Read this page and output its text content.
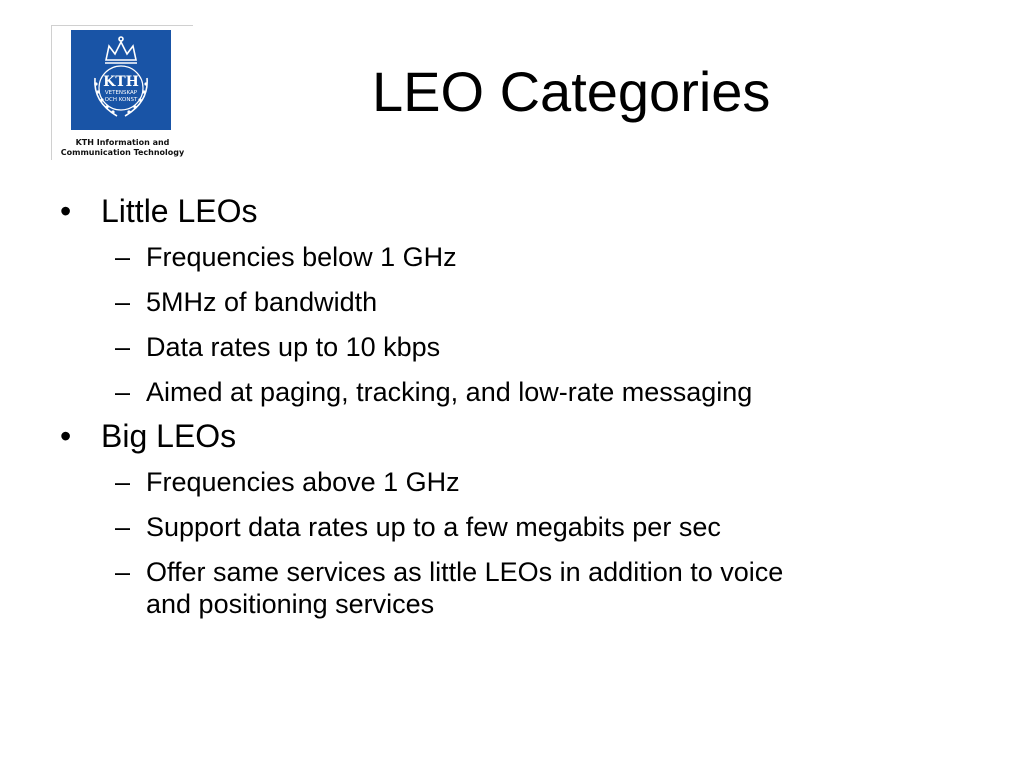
KTH
VETENSKAP
OCH KONST
KTH Information and
Communication Technology
LEO Categories
• Little LEOs
– Frequencies below 1 GHz
– 5MHz of bandwidth
– Data rates up to 10 kbps
– Aimed at paging, tracking, and low-rate messaging
• Big LEOs
– Frequencies above 1 GHz
– Support data rates up to a few megabits per sec
– Offer same services as little LEOs in addition to voice
and positioning services
